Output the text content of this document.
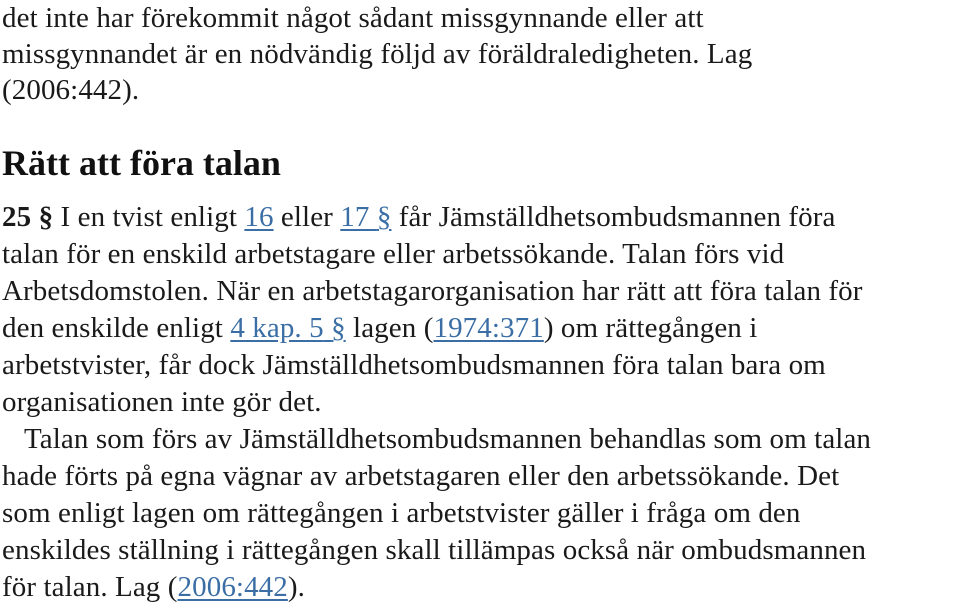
det inte har förekommit något sådant missgynnande eller att
missgynnandet är en nödvändig följd av föräldraledigheten. Lag
(2006:442).
Rätt att föra talan
25 § I en tvist enligt 16 eller 17 § får Jämställdhetsombudsmannen föra
talan för en enskild arbetstagare eller arbetssökande. Talan förs vid
Arbetsdomstolen. När en arbetstagarorganisation har rätt att föra talan för
den enskilde enligt 4 kap. 5 § lagen (1974:371) om rättegången i
arbetstvister, får dock Jämställdhetsombudsmannen föra talan bara om
organisationen inte gör det.
Talan som förs av Jämställdhetsombudsmannen behandlas som om talan
hade förts på egna vägnar av arbetstagaren eller den arbetssökande. Det
som enligt lagen om rättegången i arbetstvister gäller i fråga om den
enskildes ställning i rättegången skall tillämpas också när ombudsmannen
för talan. Lag (2006:442).
